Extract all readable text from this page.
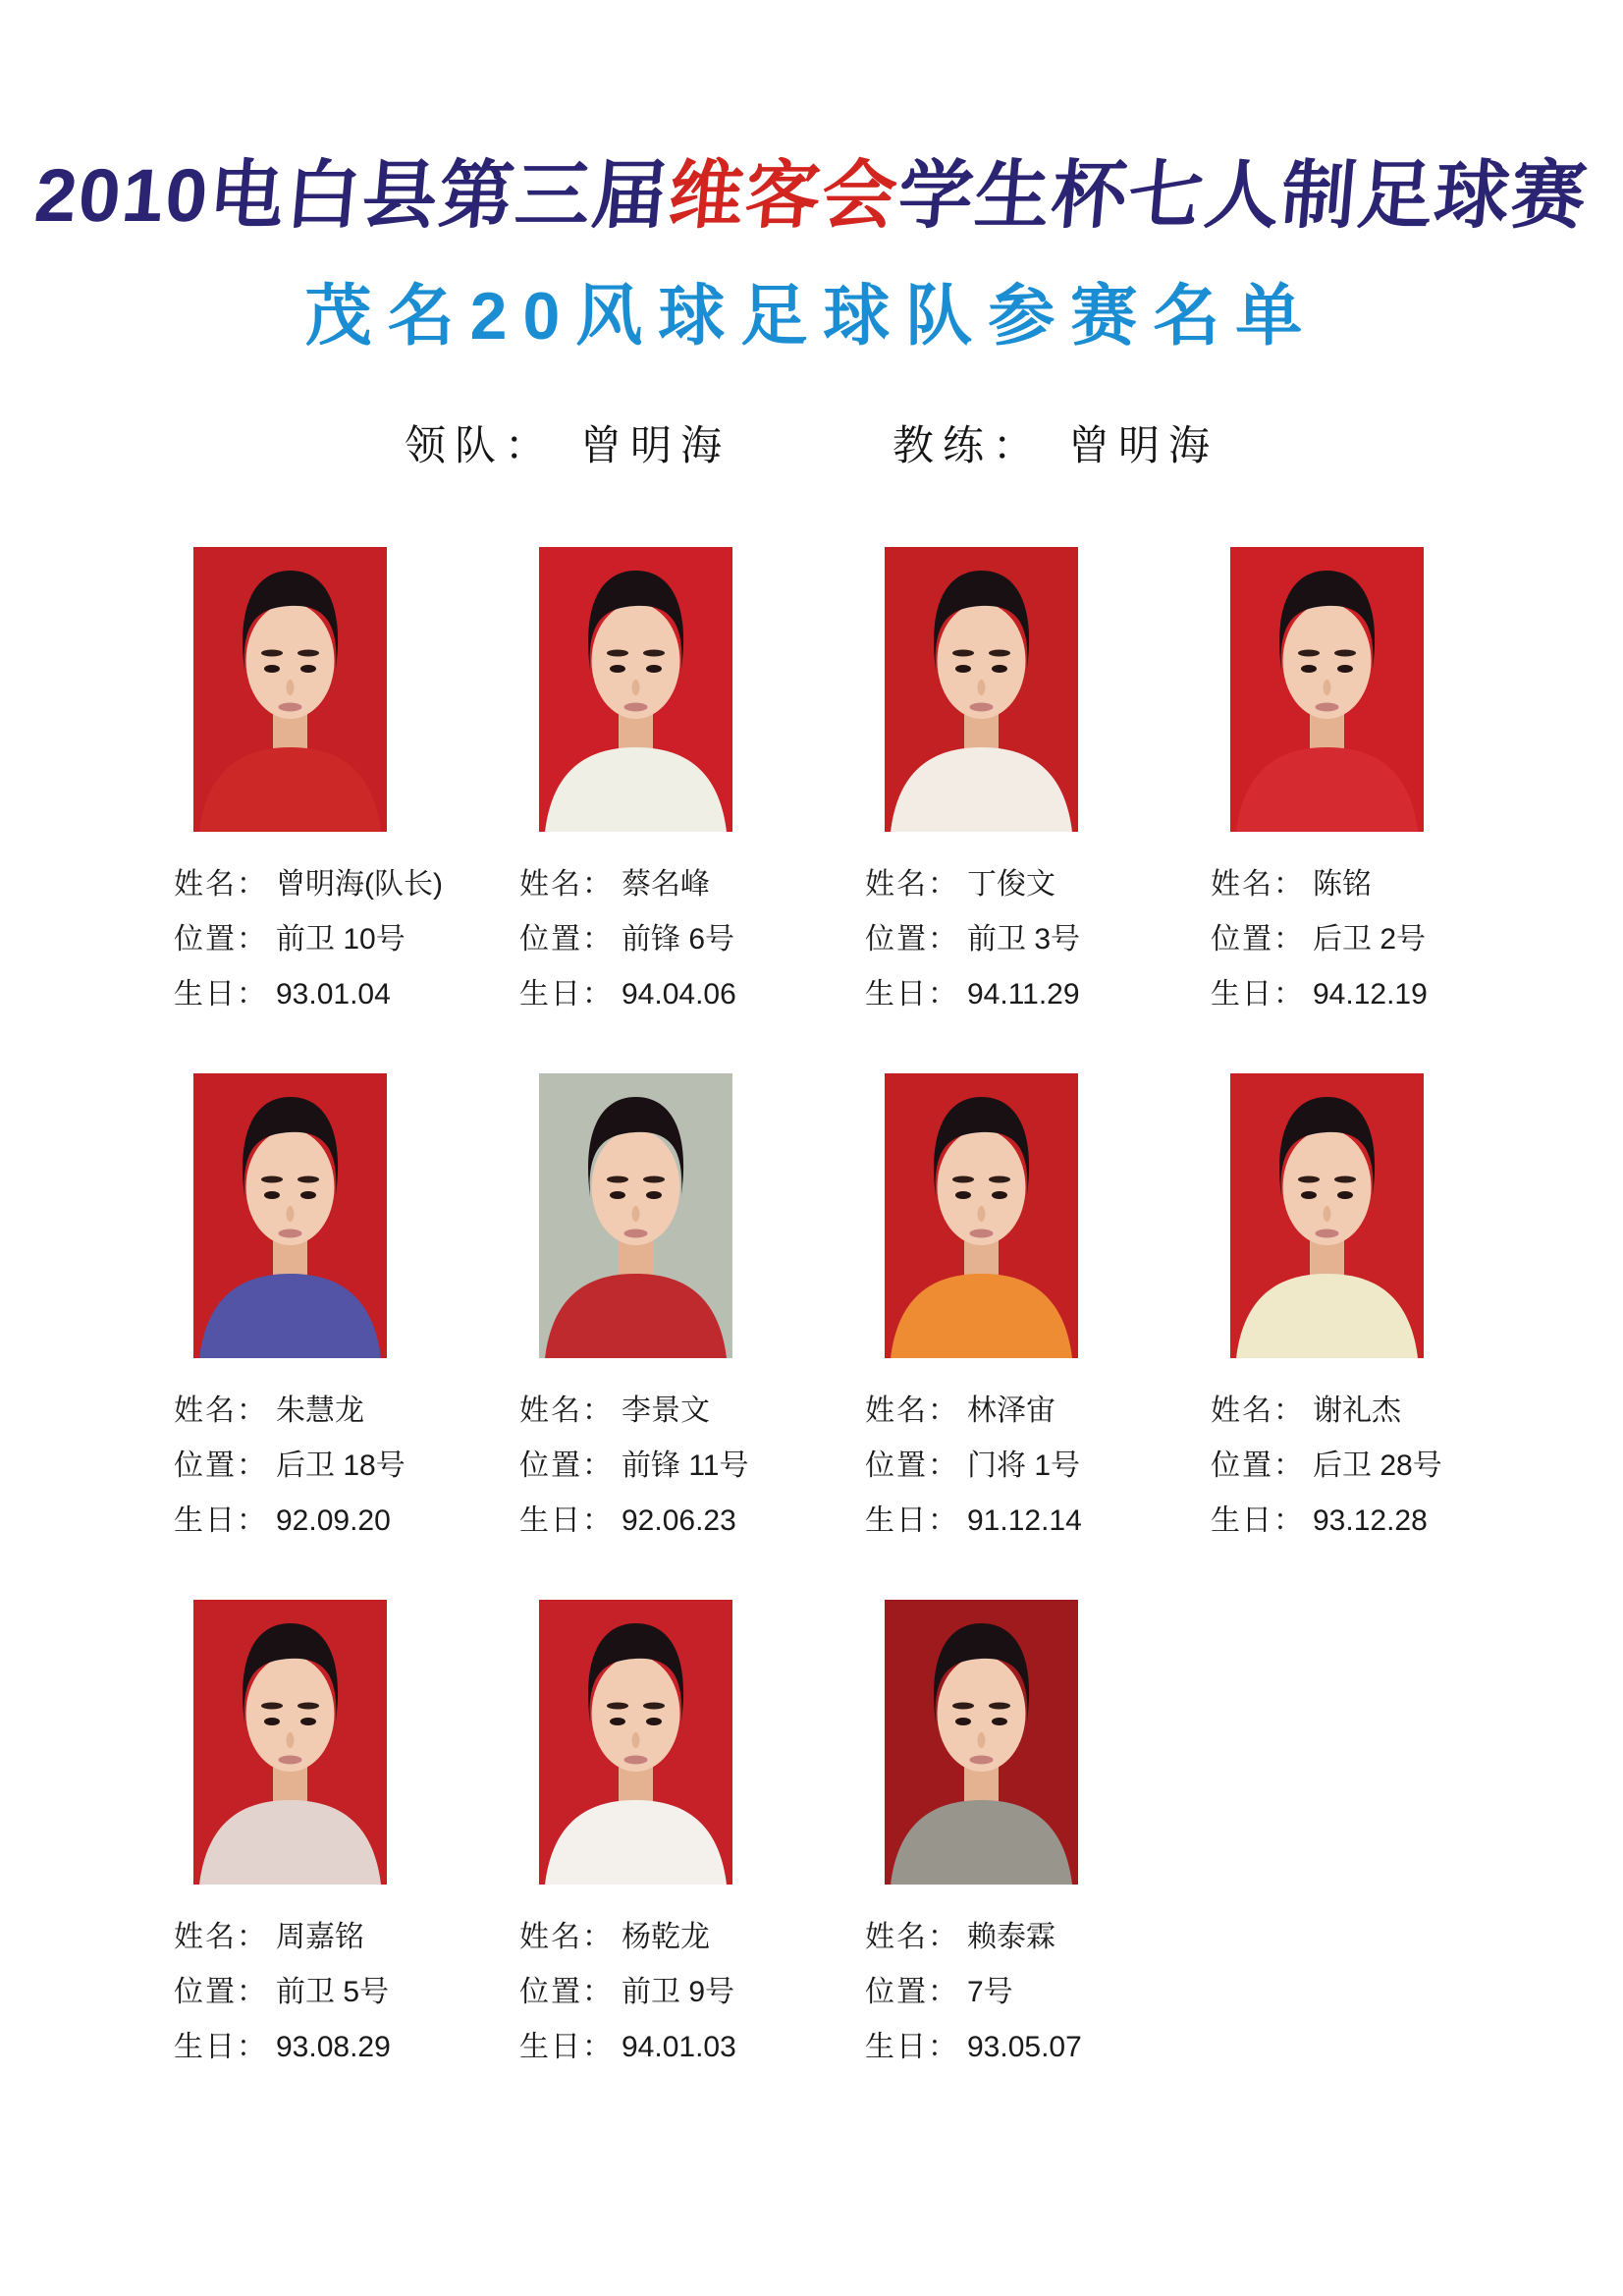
2010电白县第三届维客会学生杯七人制足球赛
茂名20风球足球队参赛名单
领队： 曾明海	教练： 曾明海
姓名： 曾明海(队长)
位置： 前卫 10号
生日： 93.01.04
姓名： 蔡名峰
位置： 前锋 6号
生日： 94.04.06
姓名： 丁俊文
位置： 前卫 3号
生日： 94.11.29
姓名： 陈铭
位置： 后卫 2号
生日： 94.12.19
姓名： 朱慧龙
位置： 后卫 18号
生日： 92.09.20
姓名： 李景文
位置： 前锋 11号
生日： 92.06.23
姓名： 林泽宙
位置： 门将 1号
生日： 91.12.14
姓名： 谢礼杰
位置： 后卫 28号
生日： 93.12.28
姓名： 周嘉铭
位置： 前卫 5号
生日： 93.08.29
姓名： 杨乾龙
位置： 前卫 9号
生日： 94.01.03
姓名： 赖泰霖
位置： 7号
生日： 93.05.07
